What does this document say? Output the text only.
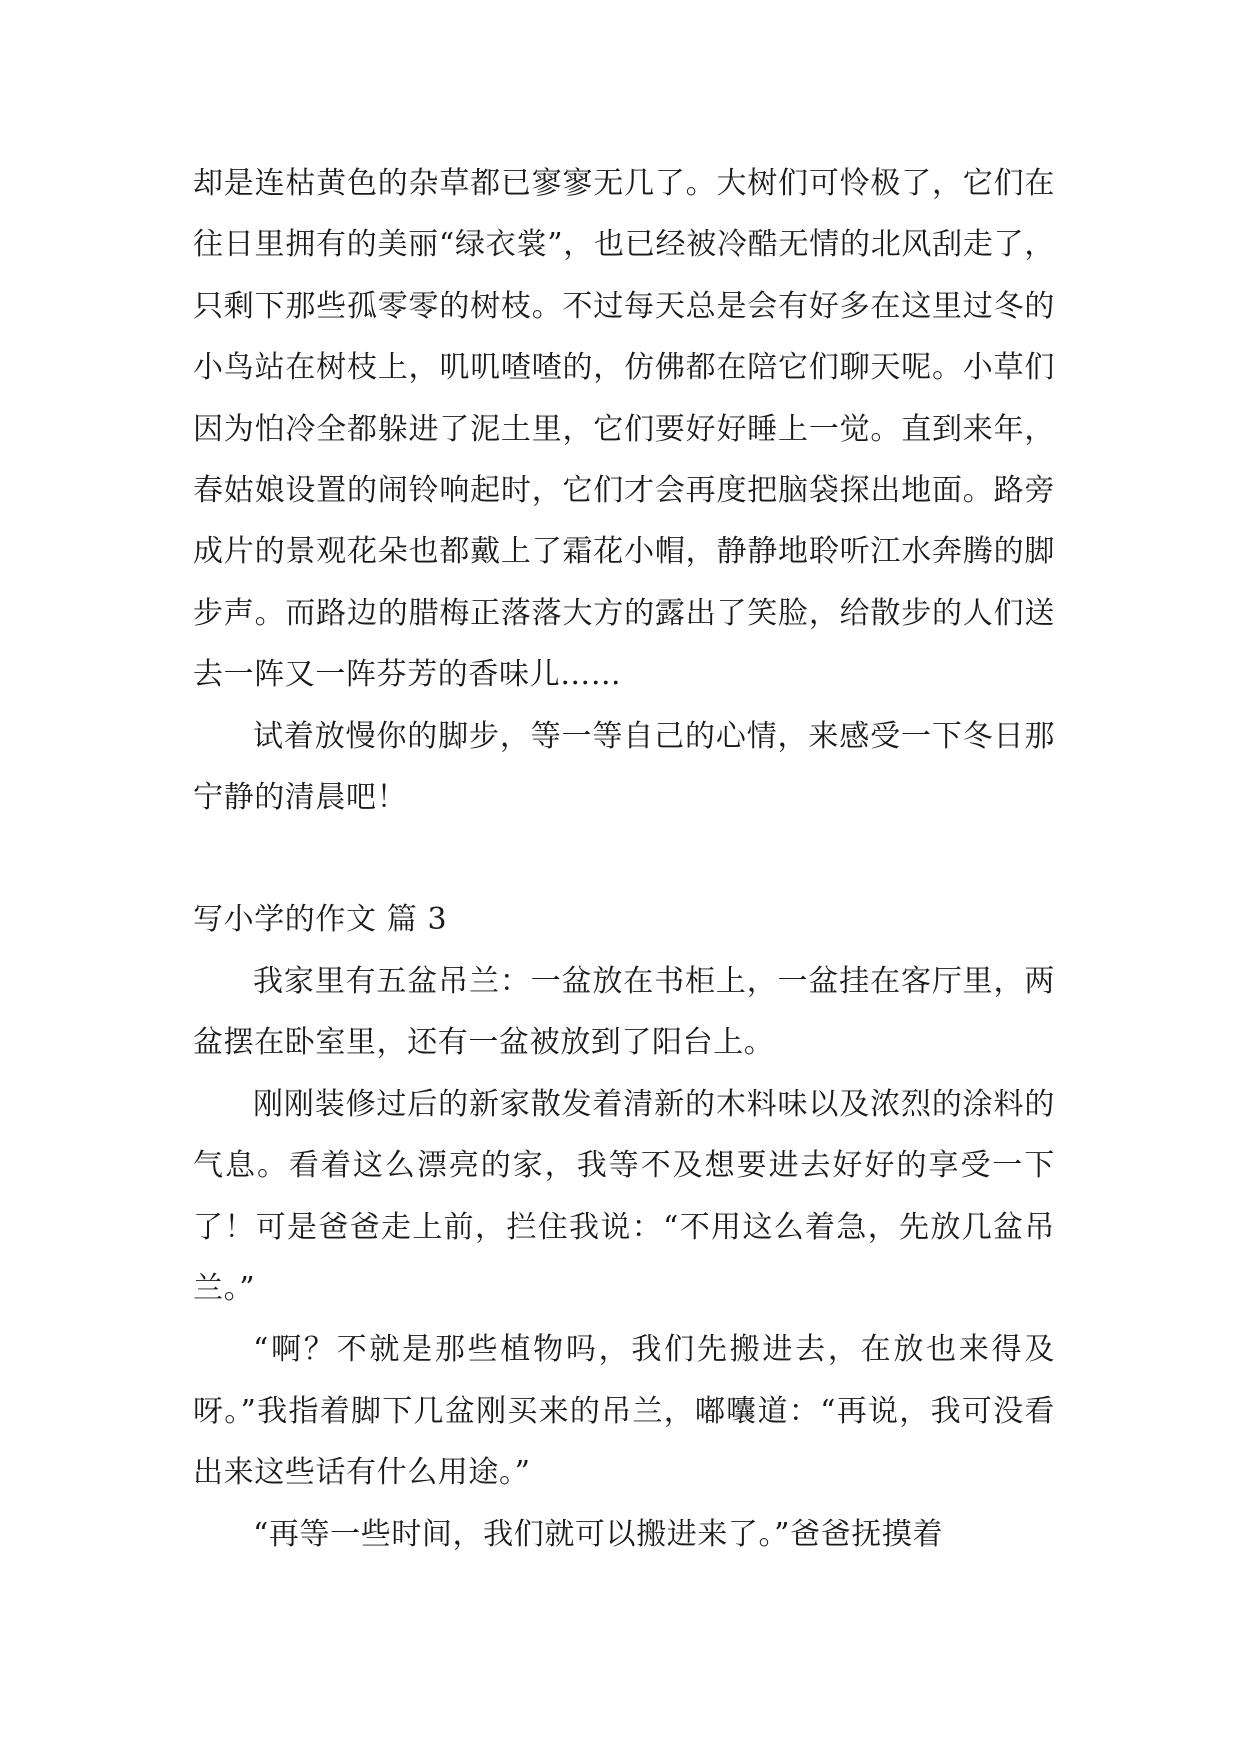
却是连枯黄色的杂草都已寥寥无几了。大树们可怜极了，它们在往日里拥有的美丽“绿衣裳”，也已经被冷酷无情的北风刮走了，只剩下那些孤零零的树枝。不过每天总是会有好多在这里过冬的小鸟站在树枝上，叽叽喳喳的，仿佛都在陪它们聊天呢。小草们因为怕冷全都躲进了泥土里，它们要好好睡上一觉。直到来年，春姑娘设置的闹铃响起时，它们才会再度把脑袋探出地面。路旁成片的景观花朵也都戴上了霜花小帽，静静地聆听江水奔腾的脚步声。而路边的腊梅正落落大方的露出了笑脸，给散步的人们送去一阵又一阵芬芳的香味儿……

试着放慢你的脚步，等一等自己的心情，来感受一下冬日那宁静的清晨吧！

写小学的作文 篇 3

我家里有五盆吊兰：一盆放在书柜上，一盆挂在客厅里，两盆摆在卧室里，还有一盆被放到了阳台上。

刚刚装修过后的新家散发着清新的木料味以及浓烈的涂料的气息。看着这么漂亮的家，我等不及想要进去好好的享受一下了！可是爸爸走上前，拦住我说：“不用这么着急，先放几盆吊兰。”

“啊？不就是那些植物吗，我们先搬进去，在放也来得及呀。”我指着脚下几盆刚买来的吊兰，嘟囔道：“再说，我可没看出来这些话有什么用途。”

“再等一些时间，我们就可以搬进来了。”爸爸抚摸着
